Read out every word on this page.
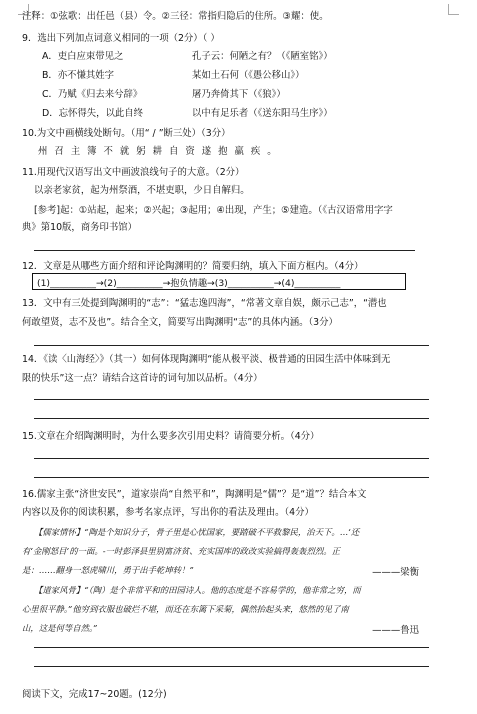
注释：①弦歌：出任邑（县）令。②三径：常指归隐后的住所。③耀：使。
9．选出下列加点词意义相同的一项（2分）（ ）
A．吏白应束带见之	孔子云：何陋之有？（《陋室铭》）
B．亦不慊其姓字	某如土石何（《愚公移山》）
C．乃赋《归去来兮辞》	屠乃奔倚其下（《狼》）
D．忘怀得失，以此自终	以中有足乐者（《送东阳马生序》）
10.为文中画横线处断句。（用“ / ”断三处）（3分）
州召主簿不就躬耕自资遂抱羸疾。
11.用现代汉语写出文中画波浪线句子的大意。（2分）
以亲老家贫，起为州祭酒，不堪吏职，少日自解归。
[参考]起：①站起，起来；②兴起；③起用；④出现，产生；⑤建造。（《古汉语常用字字
典》第10版，商务印书馆）
12．文章是从哪些方面介绍和评论陶渊明的？简要归纳，填入下面方框内。（4分）
(1)__________→(2)__________→抱负情趣→(3)__________→(4)__________
13．文中有三处提到陶渊明的“志”：“猛志逸四海”，“常著文章自娱，颇示己志”，“潜也
何敢望贤，志不及也”。结合全文，简要写出陶渊明“志”的具体内涵。（3分）
14．《读〈山海经〉》（其一）如何体现陶渊明“能从极平淡、极普通的田园生活中体味到无
限的快乐”这一点？请结合这首诗的词句加以品析。（4分）
15.文章在介绍陶渊明时，为什么要多次引用史料？请简要分析。（4分）
16.儒家主张“济世安民”，道家崇尚“自然平和”，陶渊明是“儒”？是“道”？结合本文
内容以及你的阅读积累，参考名家点评，写出你的看法及理由。（4分）
【儒家情怀】“陶是个知识分子，骨子里是心忧国家，要踏破不平救黎民，治天下。…‘还
有‘金刚怒目’的一面。-一时彭泽县里别富济贫、充实国库的政改实验搞得轰轰烈烈。正
是：……翻身一怒虎啸川，勇于出手乾坤转！”	———梁衡
【道家风骨】“（陶）是个非常平和的田园诗人。他的态度是不容易学的，他非常之穷，而
心里很平静。”他穷到衣服也破烂不堪，而还在东篱下采菊，偶然抬起头来，悠然的见了南
山，这是何等自然。”	———鲁迅
阅读下文，完成17~20题。(12分)
